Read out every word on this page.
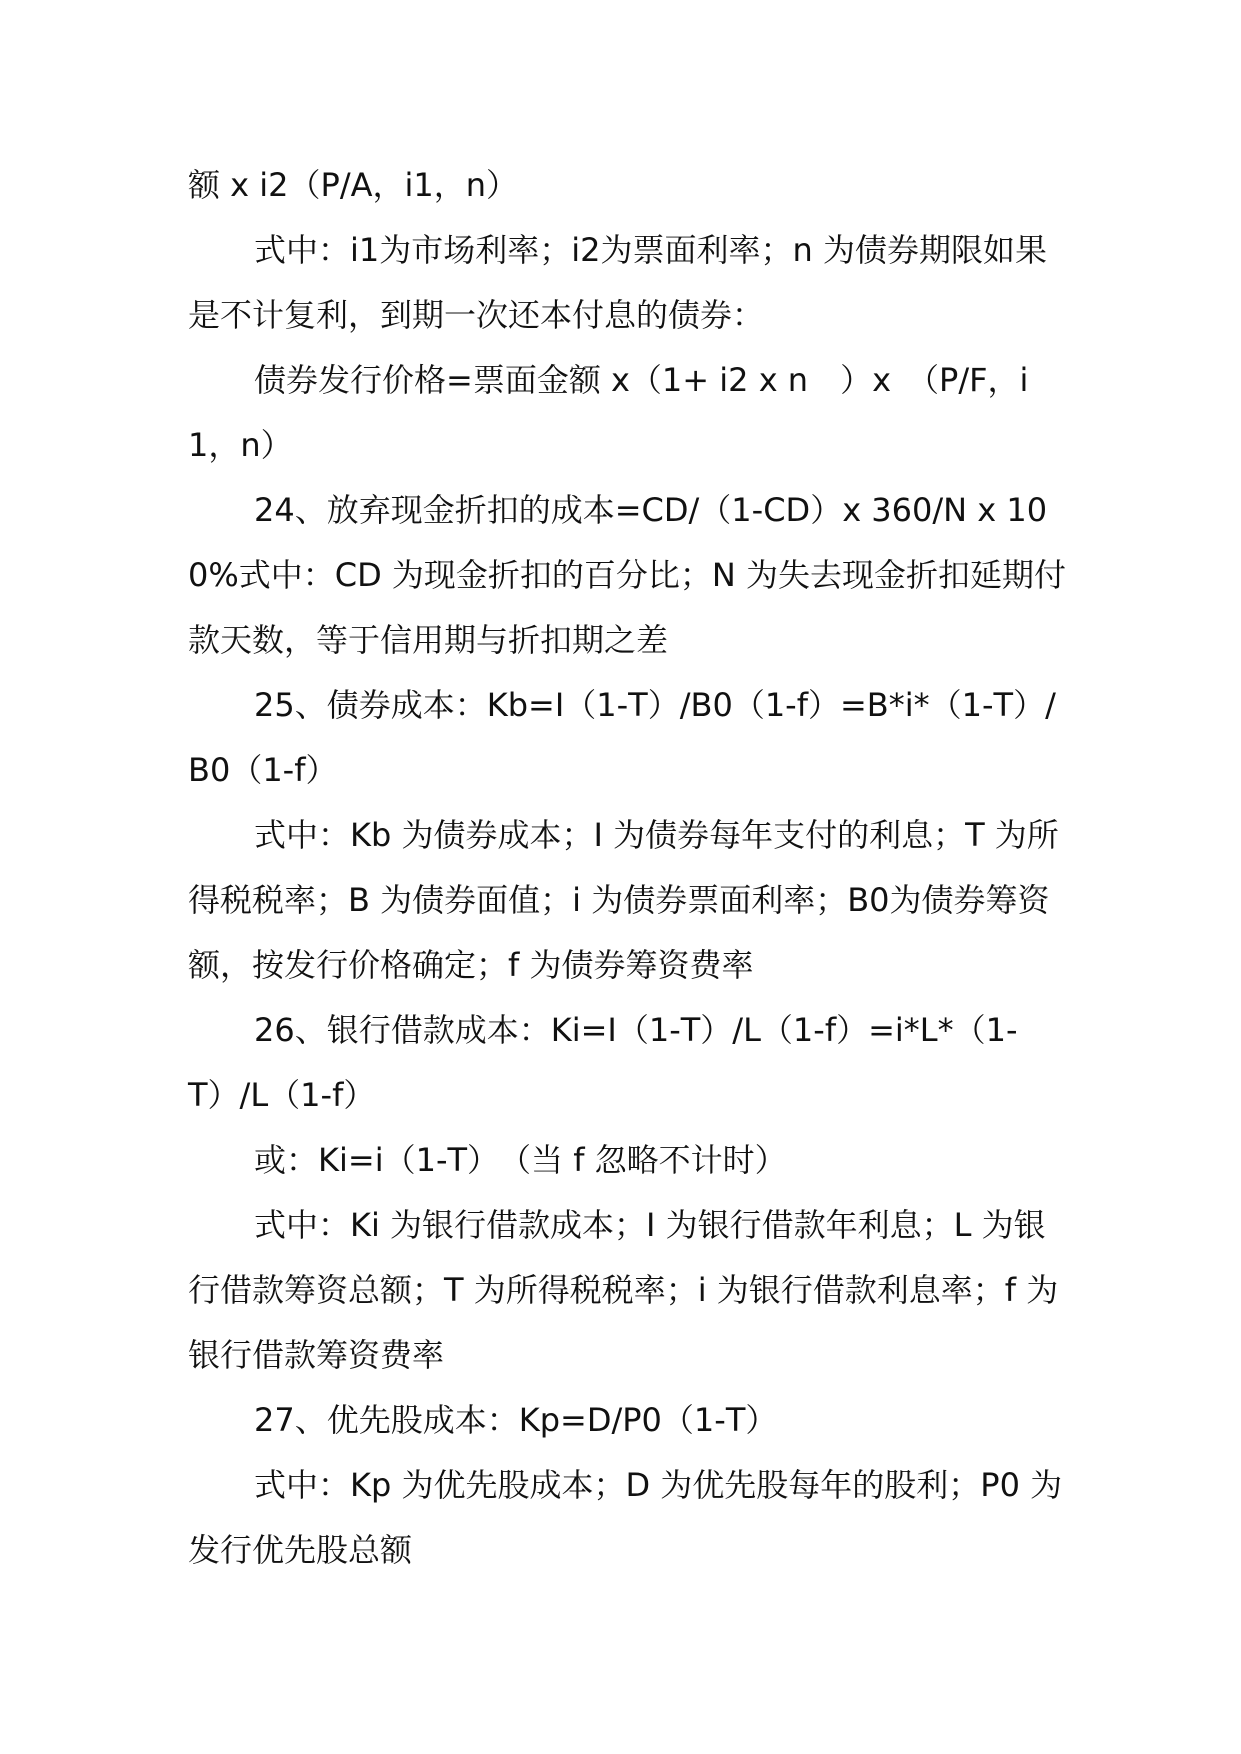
额 x i2（P/A，i1，n）

式中：i1为市场利率；i2为票面利率；n 为债券期限如果是不计复利，到期一次还本付息的债券：

债券发行价格=票面金额 x（1+ i2 x n　）x　（P/F，i1，n）

24、放弃现金折扣的成本=CD/（1-CD）x 360/N x 100%式中：CD 为现金折扣的百分比；N 为失去现金折扣延期付款天数，等于信用期与折扣期之差

25、债券成本：Kb=I（1-T）/B0（1-f）=B*i*（1-T）/B0（1-f）

式中：Kb 为债券成本；I 为债券每年支付的利息；T 为所得税税率；B 为债券面值；i 为债券票面利率；B0为债券筹资额，按发行价格确定；f 为债券筹资费率

26、银行借款成本：Ki=I（1-T）/L（1-f）=i*L*（1-T）/L（1-f）

或：Ki=i（1-T）　（当 f 忽略不计时）

式中：Ki 为银行借款成本；I 为银行借款年利息；L 为银行借款筹资总额；T 为所得税税率；i 为银行借款利息率；f 为银行借款筹资费率

27、优先股成本：Kp=D/P0（1-T）

式中：Kp 为优先股成本；D 为优先股每年的股利；P0 为发行优先股总额
